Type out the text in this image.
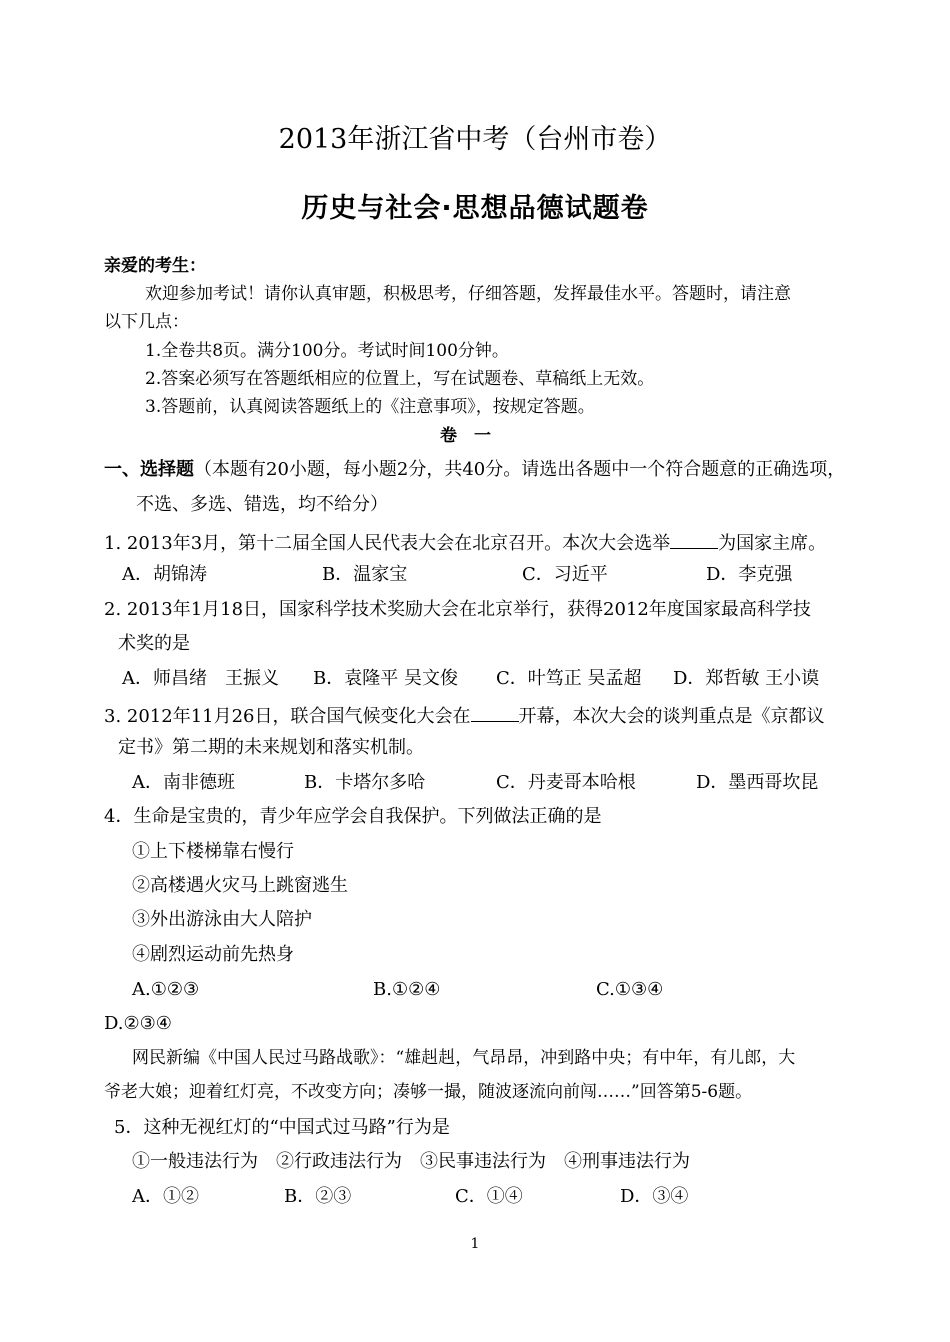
2013年浙江省中考（台州市卷）
历史与社会·思想品德试题卷
亲爱的考生：
欢迎参加考试！请你认真审题，积极思考，仔细答题，发挥最佳水平。答题时，请注意
以下几点：
1.全卷共8页。满分100分。考试时间100分钟。
2.答案必须写在答题纸相应的位置上，写在试题卷、草稿纸上无效。
3.答题前，认真阅读答题纸上的《注意事项》，按规定答题。
卷　一
一、选择题（本题有20小题，每小题2分，共40分。请选出各题中一个符合题意的正确选项，
不选、多选、错选，均不给分）
1. 2013年3月，第十二届全国人民代表大会在北京召开。本次大会选举	为国家主席。
A．胡锦涛	B．温家宝	C．习近平	D．李克强
2. 2013年1月18日，国家科学技术奖励大会在北京举行，获得2012年度国家最高科学技
术奖的是
A．师昌绪　王振义 B．袁隆平 吴文俊 C．叶笃正 吴孟超 D．郑哲敏 王小谟
3. 2012年11月26日，联合国气候变化大会在	开幕，本次大会的谈判重点是《京都议
定书》第二期的未来规划和落实机制。
A．南非德班	B．卡塔尔多哈	C．丹麦哥本哈根	D．墨西哥坎昆
4．生命是宝贵的，青少年应学会自我保护。下列做法正确的是
①上下楼梯靠右慢行
②高楼遇火灾马上跳窗逃生
③外出游泳由大人陪护
④剧烈运动前先热身
A.①②③	B.①②④	C.①③④
D.②③④
网民新编《中国人民过马路战歌》：“雄赳赳，气昂昂，冲到路中央；有中年，有儿郎，大
爷老大娘；迎着红灯亮，不改变方向；凑够一撮，随波逐流向前闯……”回答第5-6题。
5．这种无视红灯的“中国式过马路”行为是
①一般违法行为　②行政违法行为　③民事违法行为　④刑事违法行为
A．①②	B．②③	C．①④	D．③④
1
